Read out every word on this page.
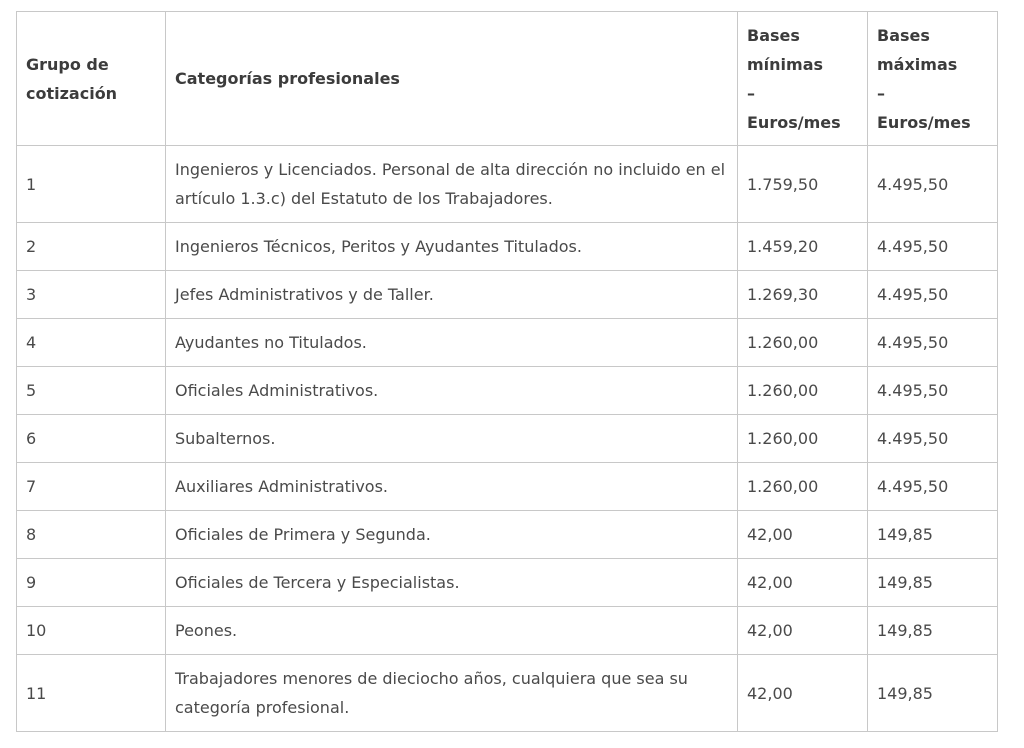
Grupo de
cotización	Categorías profesionales	Bases
mínimas
–
Euros/mes	Bases
máximas
–
Euros/mes

1	Ingenieros y Licenciados. Personal de alta dirección no incluido en el artículo 1.3.c) del Estatuto de los Trabajadores.	1.759,50	4.495,50
2	Ingenieros Técnicos, Peritos y Ayudantes Titulados.	1.459,20	4.495,50
3	Jefes Administrativos y de Taller.	1.269,30	4.495,50
4	Ayudantes no Titulados.	1.260,00	4.495,50
5	Oficiales Administrativos.	1.260,00	4.495,50
6	Subalternos.	1.260,00	4.495,50
7	Auxiliares Administrativos.	1.260,00	4.495,50
8	Oficiales de Primera y Segunda.	42,00	149,85
9	Oficiales de Tercera y Especialistas.	42,00	149,85
10	Peones.	42,00	149,85
11	Trabajadores menores de dieciocho años, cualquiera que sea su categoría profesional.	42,00	149,85
